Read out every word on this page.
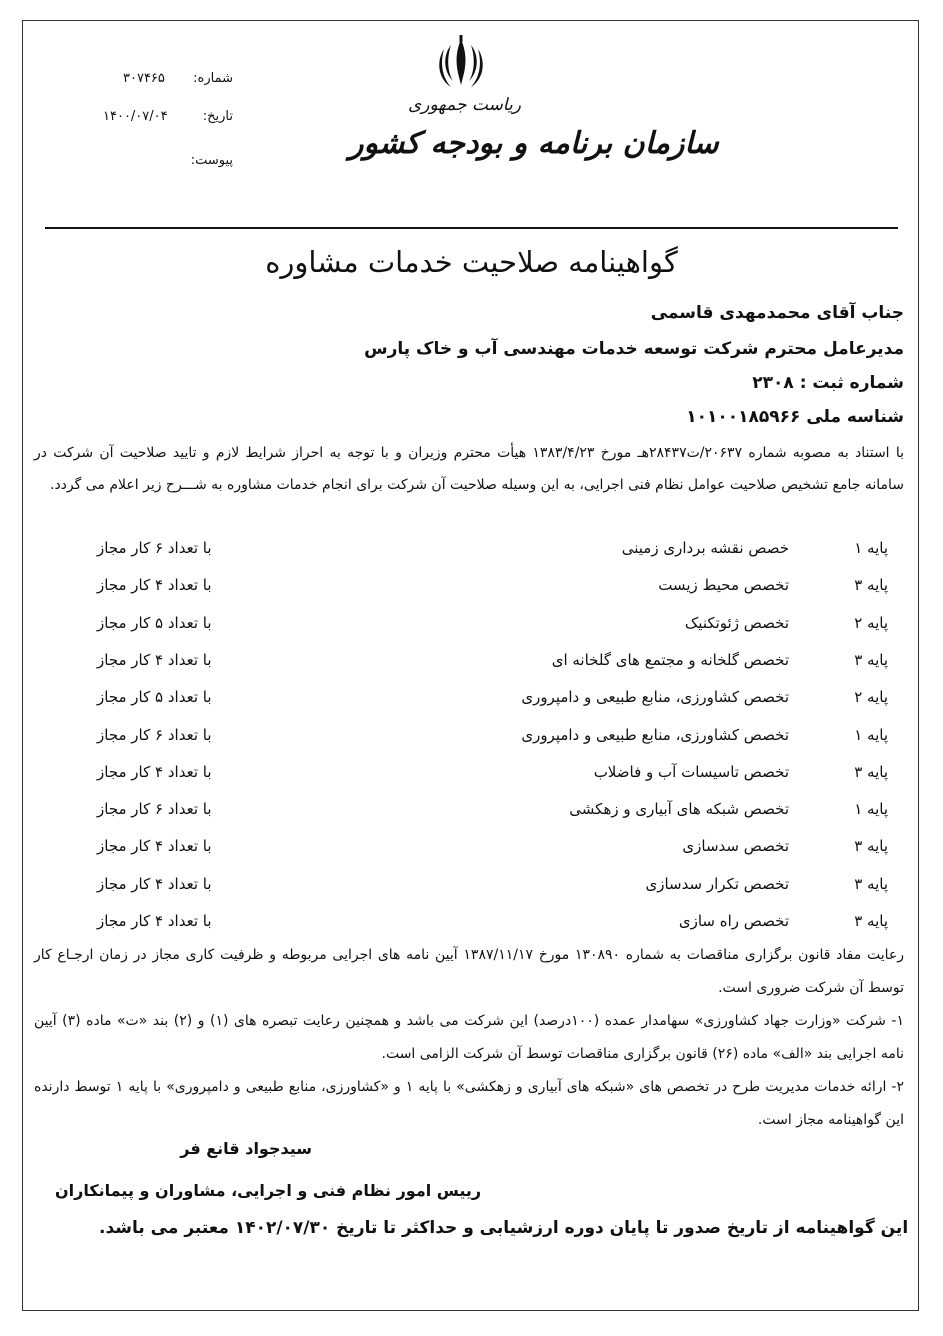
شماره:
۳۰۷۴۶۵
تاریخ:
۱۴۰۰/۰۷/۰۴
پیوست:
ریاست جمهوری
سازمان برنامه و بودجه کشور
گواهینامه صلاحیت خدمات مشاوره
جناب آقای محمدمهدی قاسمی
مدیرعامل محترم شرکت توسعه خدمات مهندسی آب و خاک پارس
شماره ثبت : ۲۳۰۸
شناسه ملی ۱۰۱۰۰۱۸۵۹۶۶
با استناد به مصوبه شماره ۲۰۶۳۷/ت۲۸۴۳۷هـ مورخ ۱۳۸۳/۴/۲۳ هیأت محترم وزیران و با توجه به احراز شرایط لازم و تایید صلاحیت آن شرکت در سامانه جامع تشخیص صلاحیت عوامل نظام فنی اجرایی، به این وسیله صلاحیت آن شرکت برای انجام خدمات مشاوره به شـــرح زیر اعلام می گردد.
پایه ۱
خصص نقشه برداری زمینی
با تعداد ۶ کار مجاز
پایه ۳
تخصص محیط زیست
با تعداد ۴ کار مجاز
پایه ۲
تخصص ژئوتکنیک
با تعداد ۵ کار مجاز
پایه ۳
تخصص گلخانه و مجتمع های گلخانه ای
با تعداد ۴ کار مجاز
پایه ۲
تخصص کشاورزی، منابع طبیعی و دامپروری
با تعداد ۵ کار مجاز
پایه ۱
تخصص کشاورزی، منابع طبیعی و دامپروری
با تعداد ۶ کار مجاز
پایه ۳
تخصص تاسیسات آب و فاضلاب
با تعداد ۴ کار مجاز
پایه ۱
تخصص شبکه های آبیاری و زهکشی
با تعداد ۶ کار مجاز
پایه ۳
تخصص سدسازی
با تعداد ۴ کار مجاز
پایه ۳
تخصص تکرار سدسازی
با تعداد ۴ کار مجاز
پایه ۳
تخصص راه سازی
با تعداد ۴ کار مجاز
رعایت مفاد قانون برگزاری مناقصات به شماره ۱۳۰۸۹۰ مورخ ۱۳۸۷/۱۱/۱۷ آیین نامه های اجرایی مربوطه و ظرفیت کاری مجاز در زمان ارجـاع کار توسط آن شرکت ضروری است.
۱- شرکت «وزارت جهاد کشاورزی» سهامدار عمده (۱۰۰درصد) این شرکت می باشد و همچنین رعایت تبصره های (۱) و (۲) بند «ت» ماده (۳) آیین نامه اجرایی بند «الف» ماده (۲۶) قانون برگزاری مناقصات توسط آن شرکت الزامی است.
۲- ارائه خدمات مدیریت طرح در تخصص های «شبکه های آبیاری و زهکشی» با پایه ۱ و «کشاورزی، منابع طبیعی و دامپروری» با پایه ۱ توسط دارنده این گواهینامه مجاز است.
سیدجواد قانع فر
رییس امور نظام فنی و اجرایی، مشاوران و پیمانکاران
این گواهینامه از تاریخ صدور تا پایان دوره ارزشیابی و حداکثر تا تاریخ ۱۴۰۲/۰۷/۳۰ معتبر می باشد.
